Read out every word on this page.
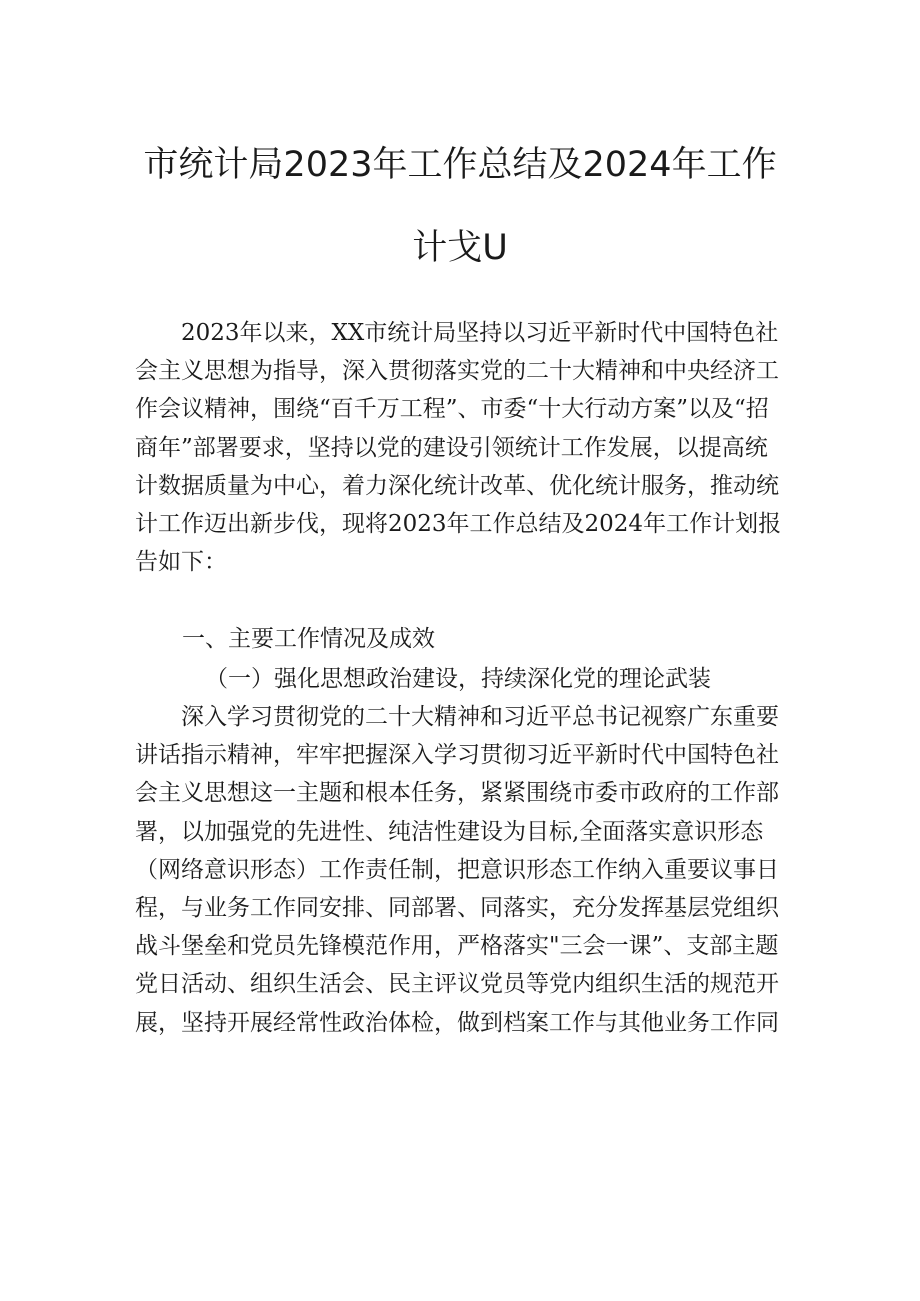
市统计局2023年工作总结及2024年工作
计戈U
2023年以来，XX市统计局坚持以习近平新时代中国特色社
会主义思想为指导，深入贯彻落实党的二十大精神和中央经济工
作会议精神，围绕“百千万工程”、市委“十大行动方案”以及“招
商年”部署要求，坚持以党的建设引领统计工作发展，以提高统
计数据质量为中心，着力深化统计改革、优化统计服务，推动统
计工作迈出新步伐，现将2023年工作总结及2024年工作计划报
告如下：
一、主要工作情况及成效
（一）强化思想政治建设，持续深化党的理论武装
深入学习贯彻党的二十大精神和习近平总书记视察广东重要
讲话指示精神，牢牢把握深入学习贯彻习近平新时代中国特色社
会主义思想这一主题和根本任务，紧紧围绕市委市政府的工作部
署，以加强党的先进性、纯洁性建设为目标,全面落实意识形态
（网络意识形态）工作责任制，把意识形态工作纳入重要议事日
程，与业务工作同安排、同部署、同落实，充分发挥基层党组织
战斗堡垒和党员先锋模范作用，严格落实"三会一课”、支部主题
党日活动、组织生活会、民主评议党员等党内组织生活的规范开
展，坚持开展经常性政治体检，做到档案工作与其他业务工作同
